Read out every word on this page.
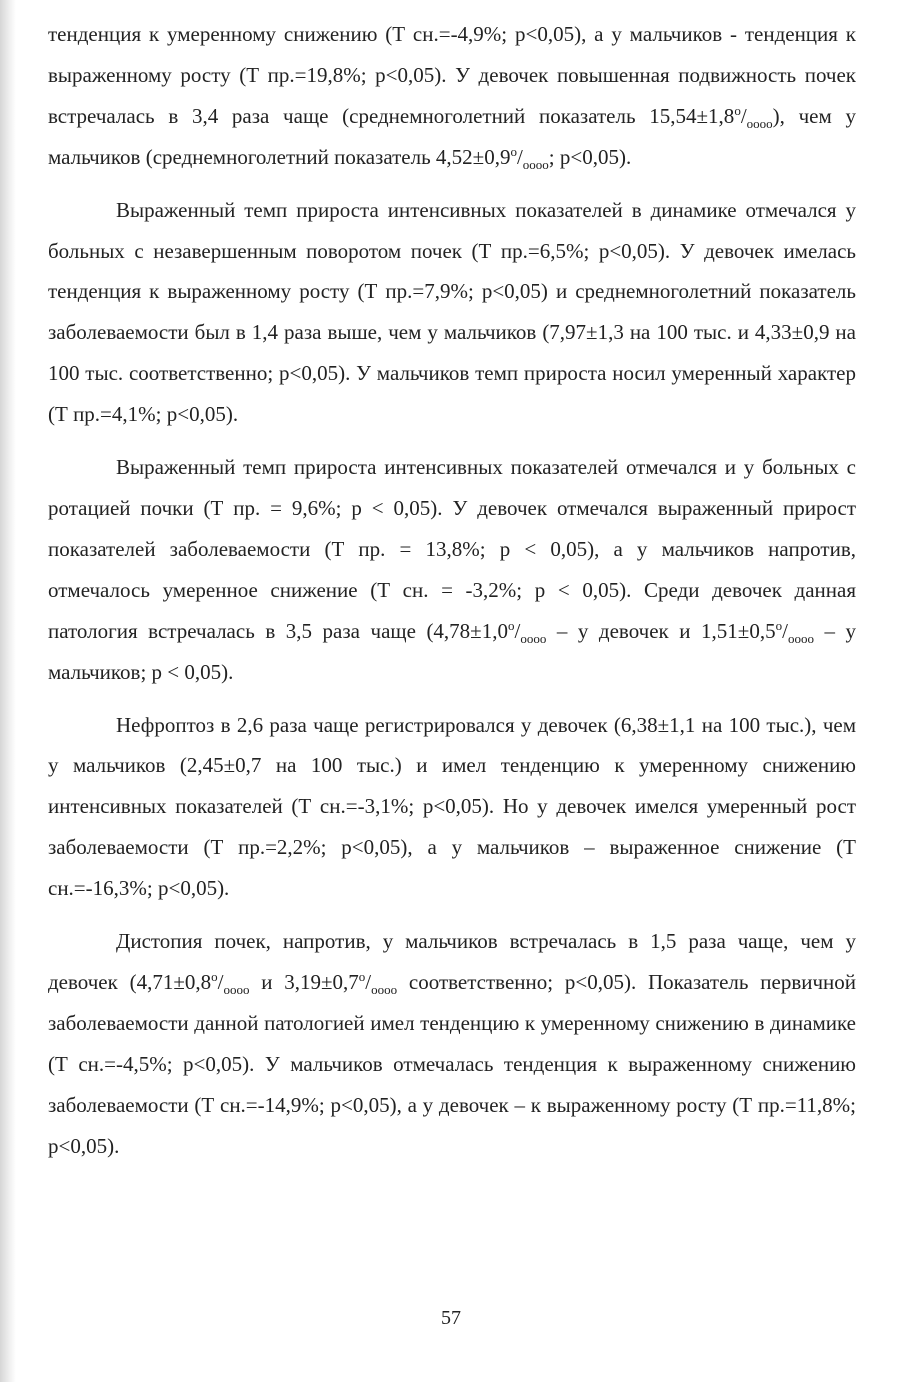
тенденция к умеренному снижению (Т сн.=-4,9%; p<0,05), а у мальчиков - тенденция к выраженному росту (Т пр.=19,8%; p<0,05). У девочек повышенная подвижность почек встречалась в 3,4 раза чаще (среднемноголетний показатель $15,54\pm 1,8^о/_{oooo}$), чем у мальчиков (среднемноголетний показатель $4,52\pm 0,9^о/_{oooo}$; p<0,05).

Выраженный темп прироста интенсивных показателей в динамике отмечался у больных с незавершенным поворотом почек (Т пр.=6,5%; p<0,05). У девочек имелась тенденция к выраженному росту (Т пр.=7,9%; p<0,05) и среднемноголетний показатель заболеваемости был в 1,4 раза выше, чем у мальчиков (7,97±1,3 на 100 тыс. и 4,33±0,9 на 100 тыс. соответственно; p<0,05). У мальчиков темп прироста носил умеренный характер (Т пр.=4,1%; p<0,05).

Выраженный темп прироста интенсивных показателей отмечался и у больных с ротацией почки (Т пр. = 9,6%; p < 0,05). У девочек отмечался выраженный прирост показателей заболеваемости (Т пр. = 13,8%; p < 0,05), а у мальчиков напротив, отмечалось умеренное снижение (Т сн. = -3,2%; p < 0,05). Среди девочек данная патология встречалась в 3,5 раза чаще ($4,78\pm 1,0^о/_{oooo} - у$ девочек и $1,51\pm 0,5^о/_{oooo} - у$ мальчиков; p < 0,05).

Нефроптоз в 2,6 раза чаще регистрировался у девочек (6,38±1,1 на 100 тыс.), чем у мальчиков (2,45±0,7 на 100 тыс.) и имел тенденцию к умеренному снижению интенсивных показателей (Т сн.=-3,1%; p<0,05). Но у девочек имелся умеренный рост заболеваемости (Т пр.=2,2%; p<0,05), а у мальчиков – выраженное снижение (Т сн.=-16,3%; p<0,05).

Дистопия почек, напротив, у мальчиков встречалась в 1,5 раза чаще, чем у девочек ($4,71\pm 0,8^о/_{oooo}$ и $3,19\pm 0,7^о/_{oooo}$ соответственно; p<0,05). Показатель первичной заболеваемости данной патологией имел тенденцию к умеренному снижению в динамике (Т сн.=-4,5%; p<0,05). У мальчиков отмечалась тенденция к выраженному снижению заболеваемости (Т сн.=-14,9%; p<0,05), а у девочек – к выраженному росту (Т пр.=11,8%; p<0,05).

57
